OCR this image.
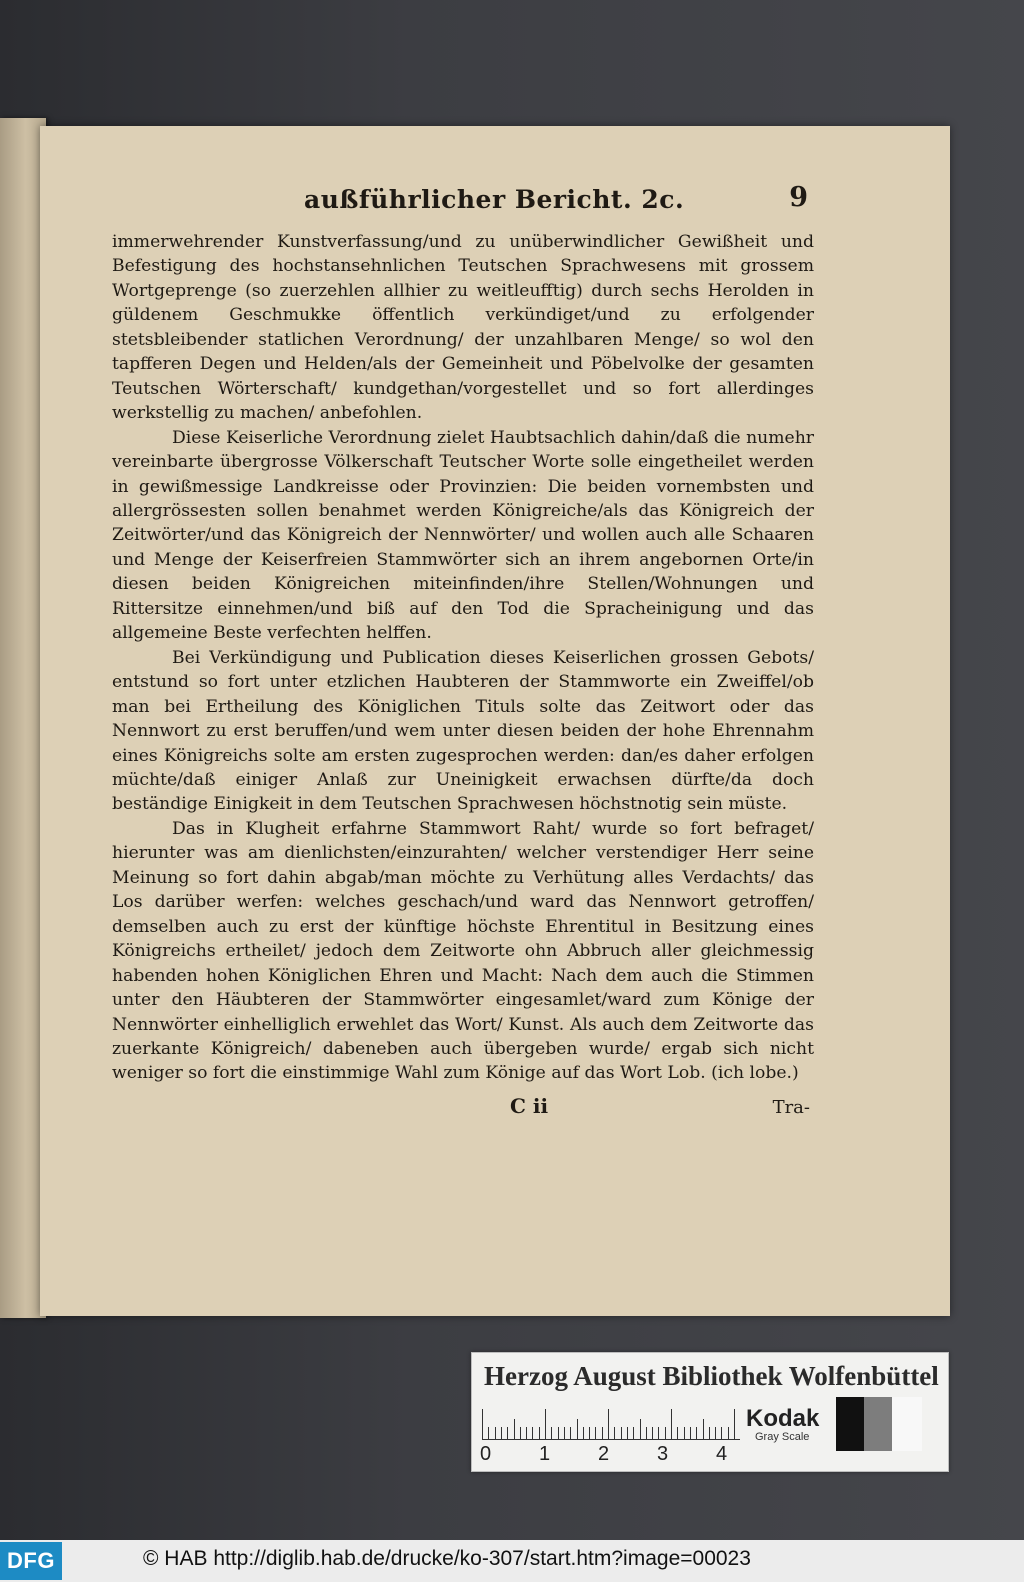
außführlicher Bericht. 2c.	9

immerwehrender Kunstverfassung/und zu unüberwindlicher Gewißheit und Befestigung des hochstansehnlichen Teutschen Sprachwesens mit grossem Wortgeprenge (so zuerzehlen allhier zu weitleufftig) durch sechs Herolden in güldenem Geschmukke öffentlich verkündiget/und zu erfolgender stetsbleibender statlichen Verordnung/ der unzahlbaren Menge/ so wol den tapfferen Degen und Helden/als der Gemeinheit und Pöbelvolke der gesamten Teutschen Wörterschaft/ kundgethan/vorgestellet und so fort allerdinges werkstellig zu machen/ anbefohlen.

Diese Keiserliche Verordnung zielet Haubtsachlich dahin/daß die numehr vereinbarte übergrosse Völkerschaft Teutscher Worte solle eingetheilet werden in gewißmessige Landkreisse oder Provinzien: Die beiden vornembsten und allergrössesten sollen benahmet werden Königreiche/als das Königreich der Zeitwörter/und das Königreich der Nennwörter/ und wollen auch alle Schaaren und Menge der Keiserfreien Stammwörter sich an ihrem angebornen Orte/in diesen beiden Königreichen miteinfinden/ihre Stellen/Wohnungen und Rittersitze einnehmen/und biß auf den Tod die Spracheinigung und das allgemeine Beste verfechten helffen.

Bei Verkündigung und Publication dieses Keiserlichen grossen Gebots/ entstund so fort unter etzlichen Haubteren der Stammworte ein Zweiffel/ob man bei Ertheilung des Königlichen Tituls solte das Zeitwort oder das Nennwort zu erst beruffen/und wem unter diesen beiden der hohe Ehrennahm eines Königreichs solte am ersten zugesprochen werden: dan/es daher erfolgen müchte/daß einiger Anlaß zur Uneinigkeit erwachsen dürfte/da doch beständige Einigkeit in dem Teutschen Sprachwesen höchstnotig sein müste.

Das in Klugheit erfahrne Stammwort Raht/ wurde so fort befraget/ hierunter was am dienlichsten/einzurahten/ welcher verstendiger Herr seine Meinung so fort dahin abgab/man möchte zu Verhütung alles Verdachts/ das Los darüber werfen: welches geschach/und ward das Nennwort getroffen/ demselben auch zu erst der künftige höchste Ehrentitul in Besitzung eines Königreichs ertheilet/ jedoch dem Zeitworte ohn Abbruch aller gleichmessig habenden hohen Königlichen Ehren und Macht: Nach dem auch die Stimmen unter den Häubteren der Stammwörter eingesamlet/ward zum Könige der Nennwörter einhelliglich erwehlet das Wort/ Kunst. Als auch dem Zeitworte das zuerkante Königreich/ dabeneben auch übergeben wurde/ ergab sich nicht weniger so fort die einstimmige Wahl zum Könige auf das Wort Lob. (ich lobe.)

C ii	Tra-
Herzog August Bibliothek Wolfenbüttel
0 1 2 3 4
Kodak
Gray Scale
DFG	© HAB http://diglib.hab.de/drucke/ko-307/start.htm?image=00023
